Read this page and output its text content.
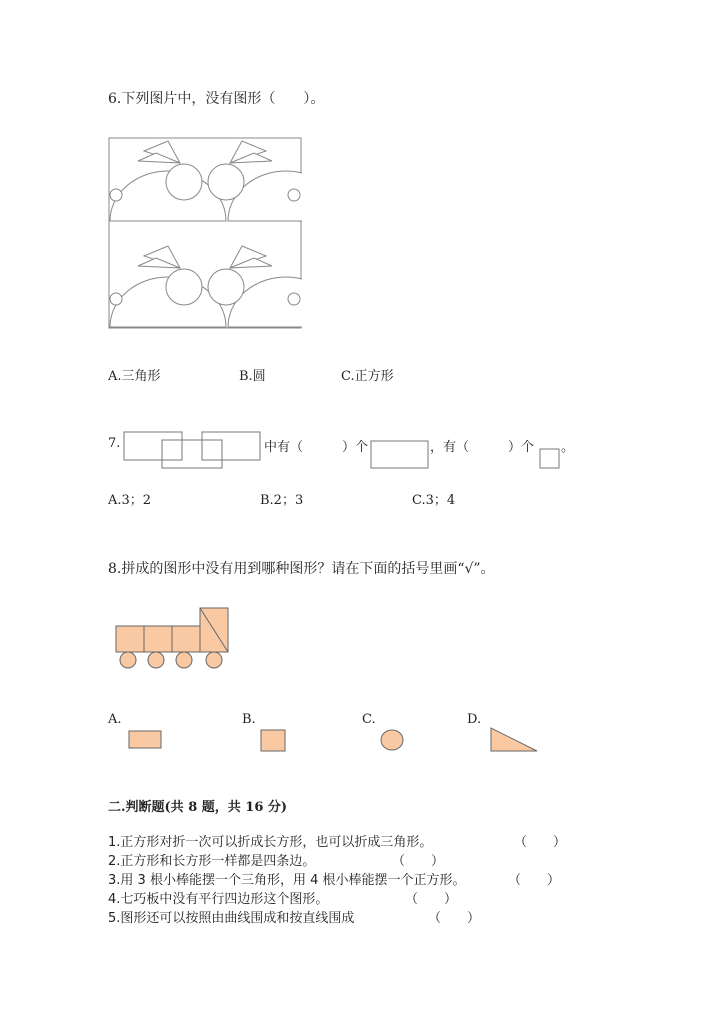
6.下列图片中，没有图形（　　）。
A.三角形	B.圆	C.正方形
7.	中有（　　　）个	，有（　　　）个 。
A.3；2	B.2；3	C.3；4
8.拼成的图形中没有用到哪种图形？请在下面的括号里画“√”。
A.	B.	C.	D.
二.判断题(共 8 题，共 16 分)
1.正方形对折一次可以折成长方形，也可以折成三角形。	（　　）
2.正方形和长方形一样都是四条边。	（　　）
3.用 3 根小棒能摆一个三角形，用 4 根小棒能摆一个正方形。	（　　）
4.七巧板中没有平行四边形这个图形。	（　　）
5.图形还可以按照由曲线围成和按直线围成	（　　）
